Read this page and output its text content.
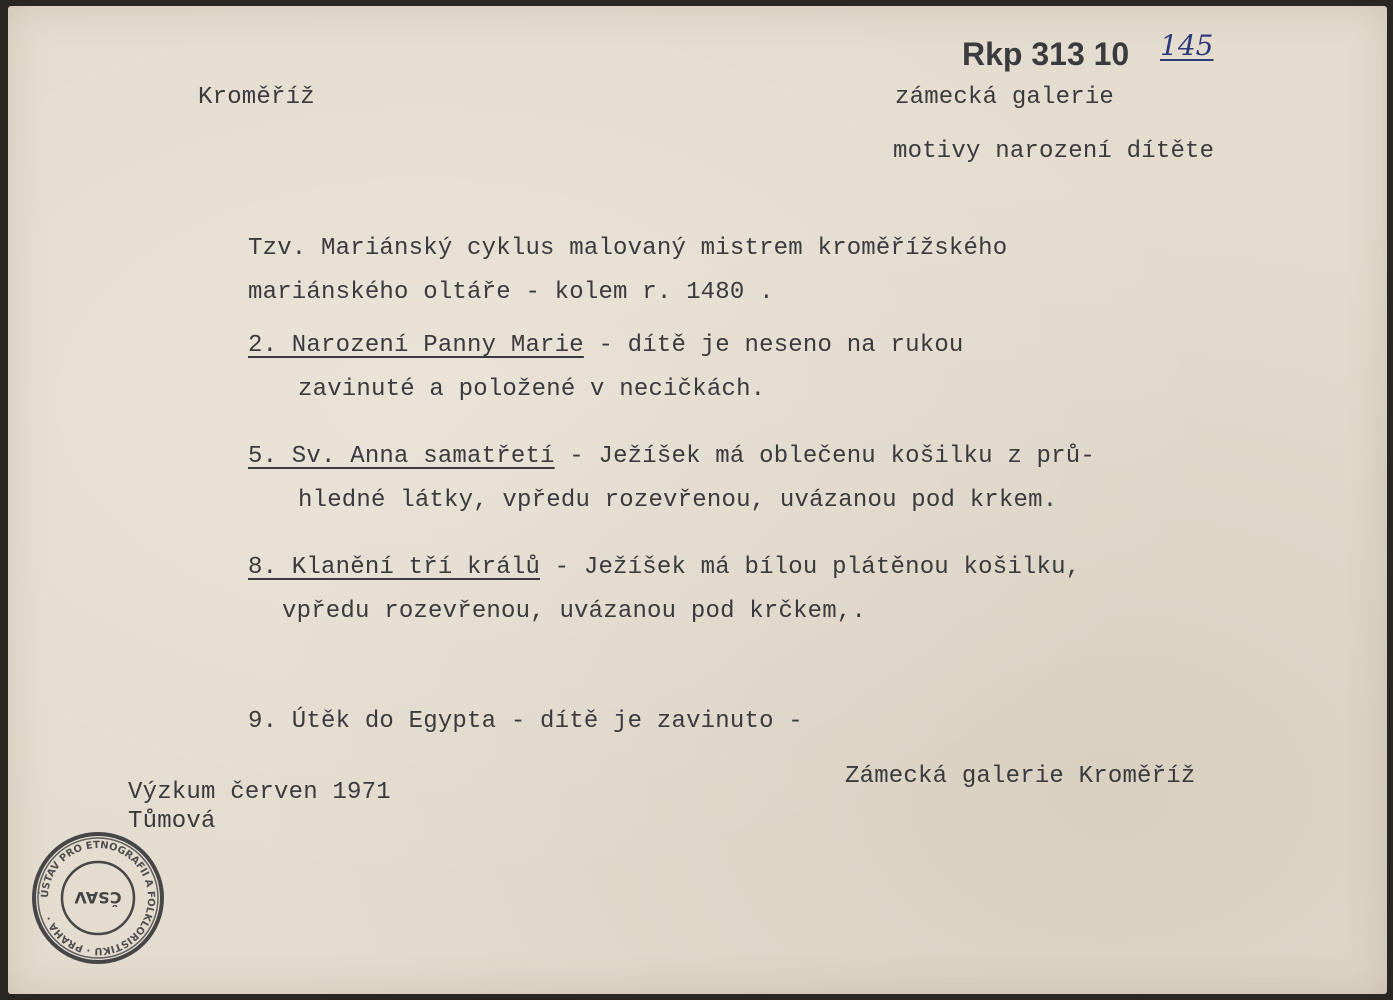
Rkp 313 10 145
Kroměříž	zámecká galerie
motivy narození dítěte
Tzv. Mariánský cyklus malovaný mistrem kroměřížského
mariánského oltáře - kolem r. 1480 .
2. Narození Panny Marie - dítě je neseno na rukou
zavinuté a položené v necičkách.
5. Sv. Anna samatřetí - Ježíšek má oblečenu košilku z prů-
hledné látky, vpředu rozevřenou, uvázanou pod krkem.
8. Klanění tří králů - Ježíšek má bílou plátěnou košilku,
vpředu rozevřenou, uvázanou pod krčkem,.
9. Útěk do Egypta - dítě je zavinuto -
Zámecká galerie Kroměříž
Výzkum červen 1971
Tůmová
ÚSTAV PRO ETNOGRAFII A FOLKLORISTIKU · PRAHA ·
ČSAV
